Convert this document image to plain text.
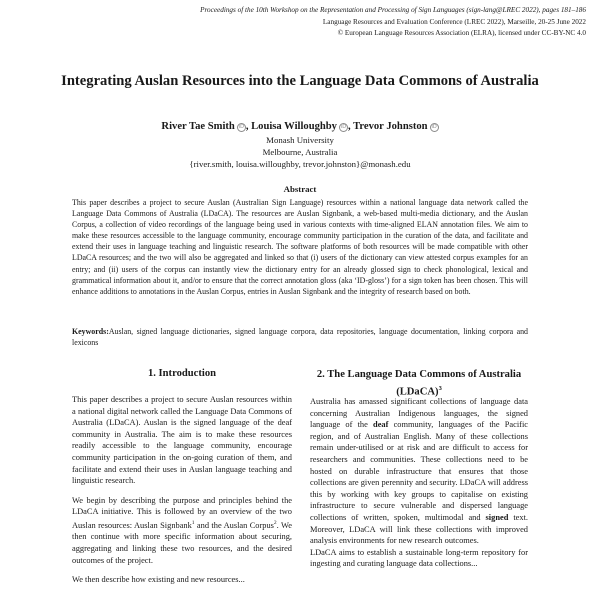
Proceedings of the 10th Workshop on the Representation and Processing of Sign Languages (sign-lang@LREC 2022), pages 181–186
Language Resources and Evaluation Conference (LREC 2022), Marseille, 20-25 June 2022
© European Language Resources Association (ELRA), licensed under CC-BY-NC 4.0
Integrating Auslan Resources into the Language Data Commons of Australia
River Tae Smith iD , Louisa Willoughby iD , Trevor Johnston iD
Monash University
Melbourne, Australia
{river.smith, louisa.willoughby, trevor.johnston}@monash.edu
Abstract
This paper describes a project to secure Auslan (Australian Sign Language) resources within a national language data network called the Language Data Commons of Australia (LDaCA). The resources are Auslan Signbank, a web-based multi-media dictionary, and the Auslan Corpus, a collection of video recordings of the language being used in various contexts with time-aligned ELAN annotation files. We aim to make these resources accessible to the language community, encourage community participation in the curation of the data, and facilitate and extend their uses in language teaching and linguistic research. The software platforms of both resources will be made compatible with other LDaCA resources; and the two will also be aggregated and linked so that (i) users of the dictionary can view attested corpus examples for an entry; and (ii) users of the corpus can instantly view the dictionary entry for an already glossed sign to check phonological, lexical and grammatical information about it, and/or to ensure that the correct annotation gloss (aka ‘ID-gloss’) for a sign token has been chosen. This will enhance additions to annotations in the Auslan Corpus, entries in Auslan Signbank and the integrity of research based on both.
Keywords:Auslan, signed language dictionaries, signed language corpora, data repositories, language documentation, linking corpora and lexicons
1. Introduction	2. The Language Data Commons of Australia (LDaCA)$^3$

This paper describes a project to secure Auslan resources within a national digital network called the Language Data Commons of Australia (LDaCA). Auslan is the signed language of the deaf community in Australia. The aim is to make these resources readily accessible to the language community, encourage community participation in the on-going curation of them, and facilitate and extend their uses in Auslan language teaching and linguistic research.

We begin by describing the purpose and principles behind the LDaCA initiative. This is followed by an overview of the two Auslan resources: Auslan Signbank$^1$ and the Auslan Corpus$^2$. We then continue with more specific information about securing, aggregating and linking these two resources, and the desired outcomes of the project.

We then describe how existing and new resources...

Australia has amassed significant collections of language data concerning Australian Indigenous languages, the signed language of the deaf community, languages of the Pacific region, and of Australian English. Many of these collections remain under-utilised or at risk and are difficult to access for researchers and communities. These collections need to be hosted on durable infrastructure that ensures that those collections are given perennity and security. LDaCA will address this by working with key groups to capitalise on existing infrastructure to secure vulnerable and dispersed language collections of written, spoken, multimodal and signed text. Moreover, LDaCA will link these collections with improved analysis environments for new research outcomes.

LDaCA aims to establish a sustainable long-term repository for ingesting and curating language data collections...
